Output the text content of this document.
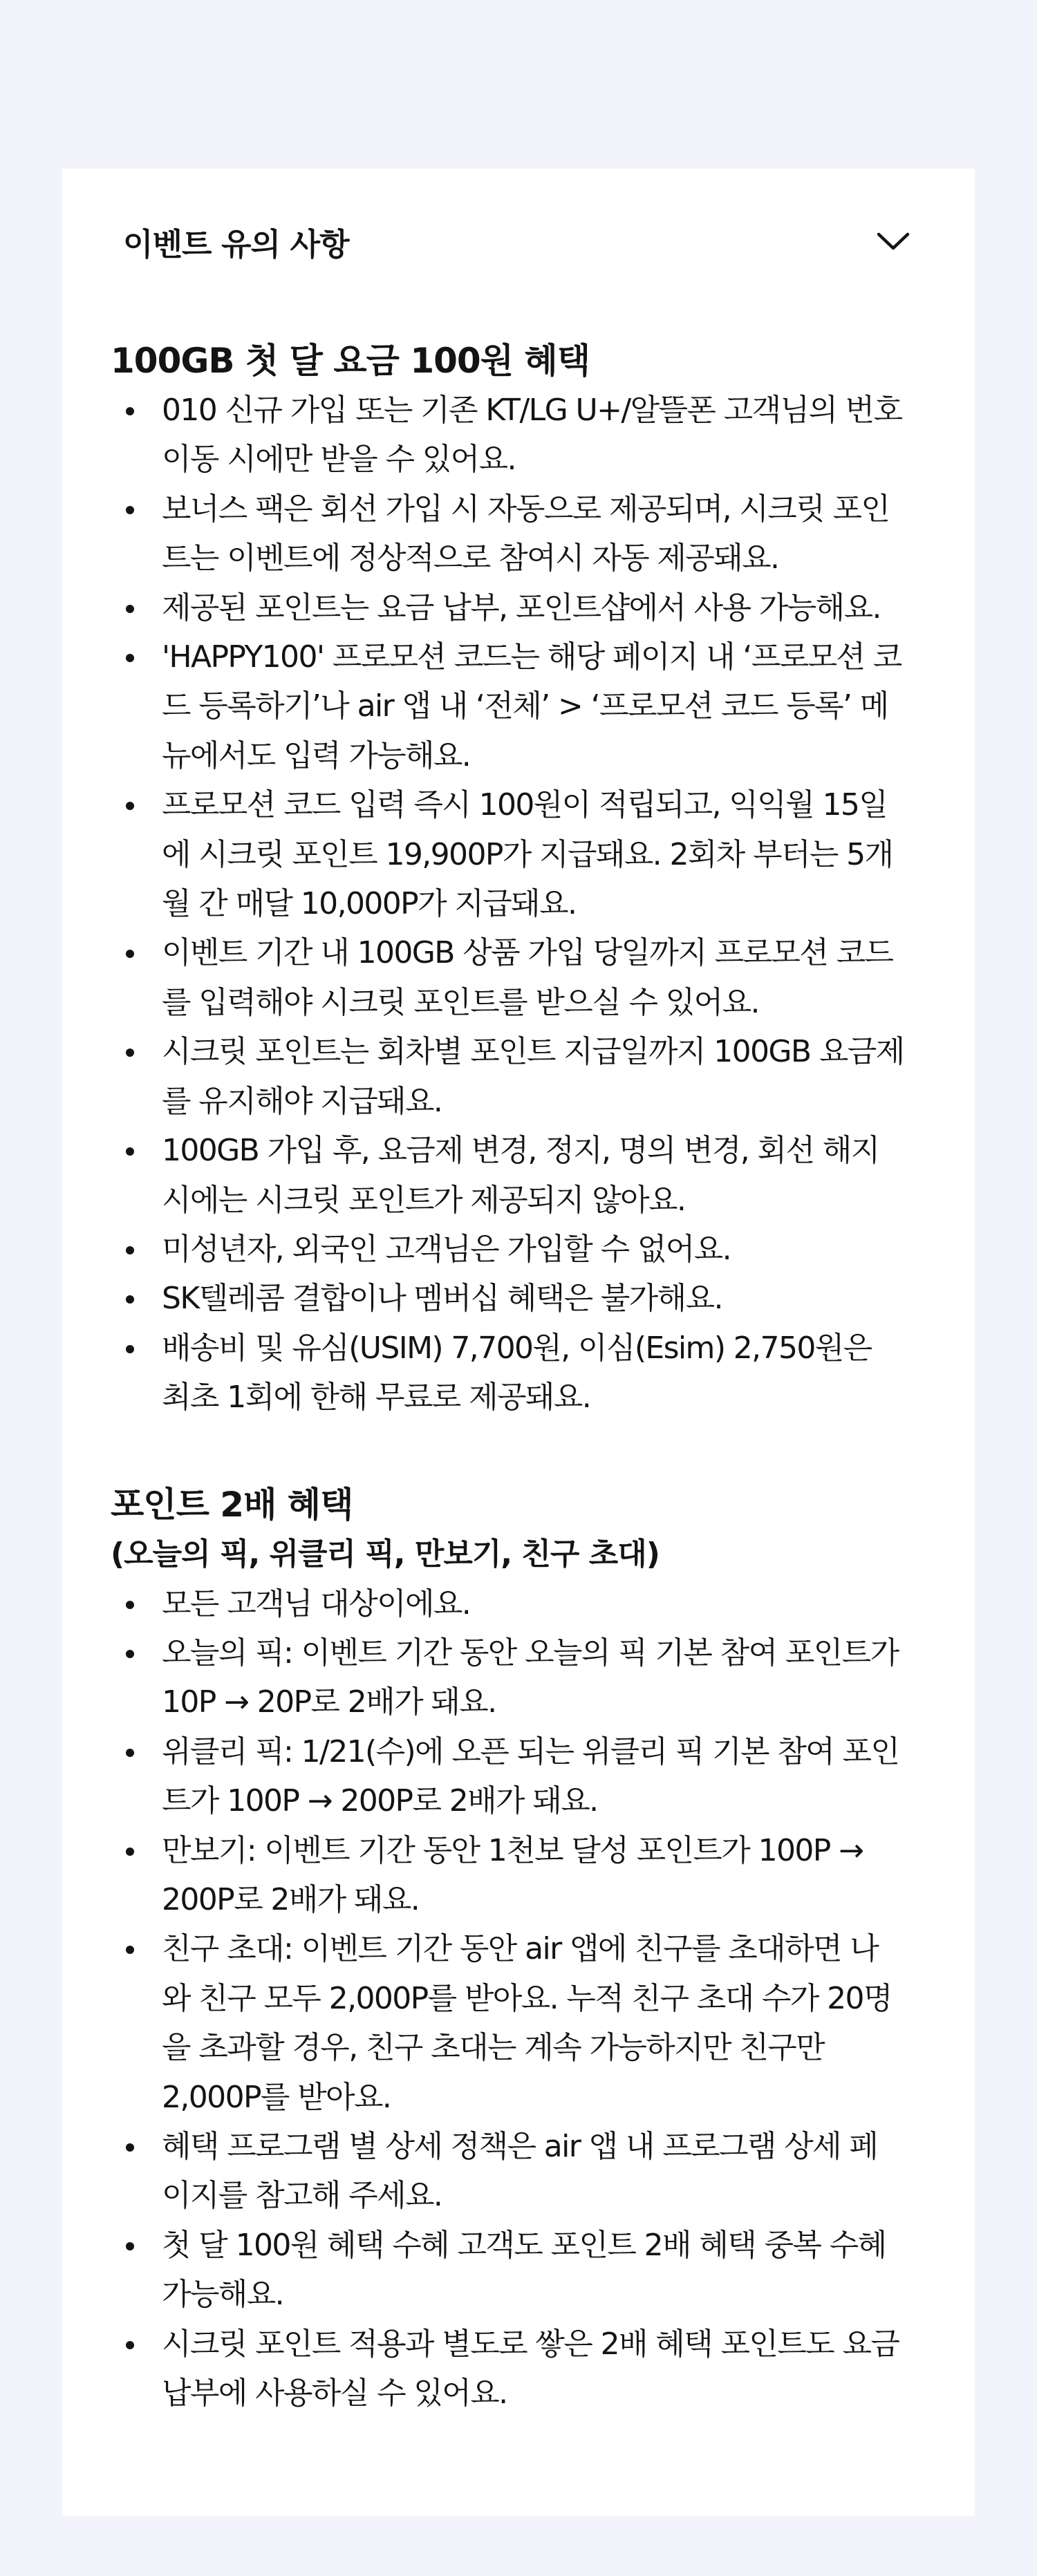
이벤트 유의 사항
100GB 첫 달 요금 100원 혜택
010 신규 가입 또는 기존 KT/LG U+/알뜰폰 고객님의 번호 이동 시에만 받을 수 있어요.
보너스 팩은 회선 가입 시 자동으로 제공되며, 시크릿 포인트는 이벤트에 정상적으로 참여시 자동 제공돼요.
제공된 포인트는 요금 납부, 포인트샵에서 사용 가능해요.
'HAPPY100' 프로모션 코드는 해당 페이지 내 ‘프로모션 코드 등록하기’나 air 앱 내 ‘전체’ > ‘프로모션 코드 등록’ 메뉴에서도 입력 가능해요.
프로모션 코드 입력 즉시 100원이 적립되고, 익익월 15일에 시크릿 포인트 19,900P가 지급돼요. 2회차 부터는 5개월 간 매달 10,000P가 지급돼요.
이벤트 기간 내 100GB 상품 가입 당일까지 프로모션 코드를 입력해야 시크릿 포인트를 받으실 수 있어요.
시크릿 포인트는 회차별 포인트 지급일까지 100GB 요금제를 유지해야 지급돼요.
100GB 가입 후, 요금제 변경, 정지, 명의 변경, 회선 해지 시에는 시크릿 포인트가 제공되지 않아요.
미성년자, 외국인 고객님은 가입할 수 없어요.
SK텔레콤 결합이나 멤버십 혜택은 불가해요.
배송비 및 유심(USIM) 7,700원, 이심(Esim) 2,750원은 최초 1회에 한해 무료로 제공돼요.
포인트 2배 혜택

(오늘의 픽, 위클리 픽, 만보기, 친구 초대)

모든 고객님 대상이에요.
오늘의 픽: 이벤트 기간 동안 오늘의 픽 기본 참여 포인트가 10P → 20P로 2배가 돼요.
위클리 픽: 1/21(수)에 오픈 되는 위클리 픽 기본 참여 포인트가 100P → 200P로 2배가 돼요.
만보기: 이벤트 기간 동안 1천보 달성 포인트가 100P → 200P로 2배가 돼요.
친구 초대: 이벤트 기간 동안 air 앱에 친구를 초대하면 나와 친구 모두 2,000P를 받아요. 누적 친구 초대 수가 20명을 초과할 경우, 친구 초대는 계속 가능하지만 친구만 2,000P를 받아요.
혜택 프로그램 별 상세 정책은 air 앱 내 프로그램 상세 페이지를 참고해 주세요.
첫 달 100원 혜택 수혜 고객도 포인트 2배 혜택 중복 수혜 가능해요.
시크릿 포인트 적용과 별도로 쌓은 2배 혜택 포인트도 요금 납부에 사용하실 수 있어요.
